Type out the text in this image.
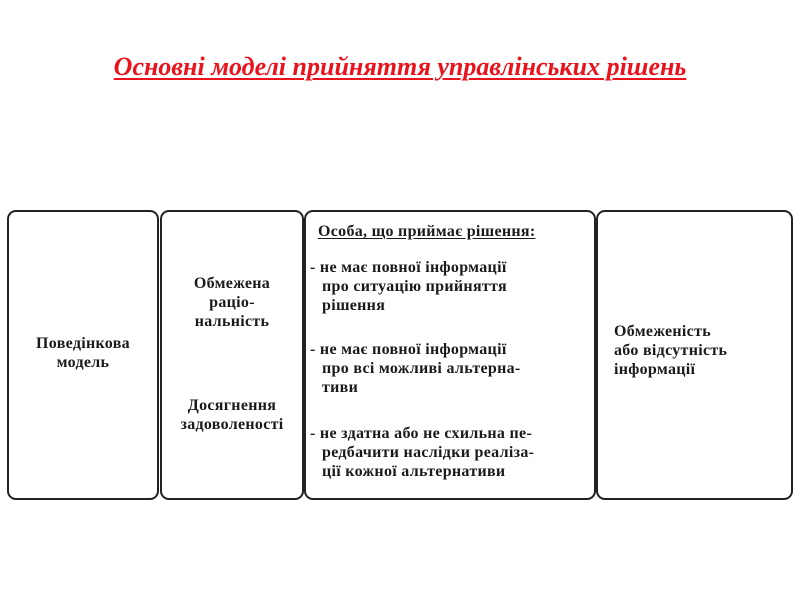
Основні моделі прийняття управлінських рішень
Поведінкова
модель
Обмежена
раціо-
нальність
Досягнення
задоволеності
Особа, що приймає рішення:
- не має повної інформації
про ситуацію прийняття
рішення
- не має повної інформації
про всі можливі альтерна-
тиви
- не здатна або не схильна пе-
редбачити наслідки реаліза-
ції кожної альтернативи
Обмеженість
або відсутність
інформації
